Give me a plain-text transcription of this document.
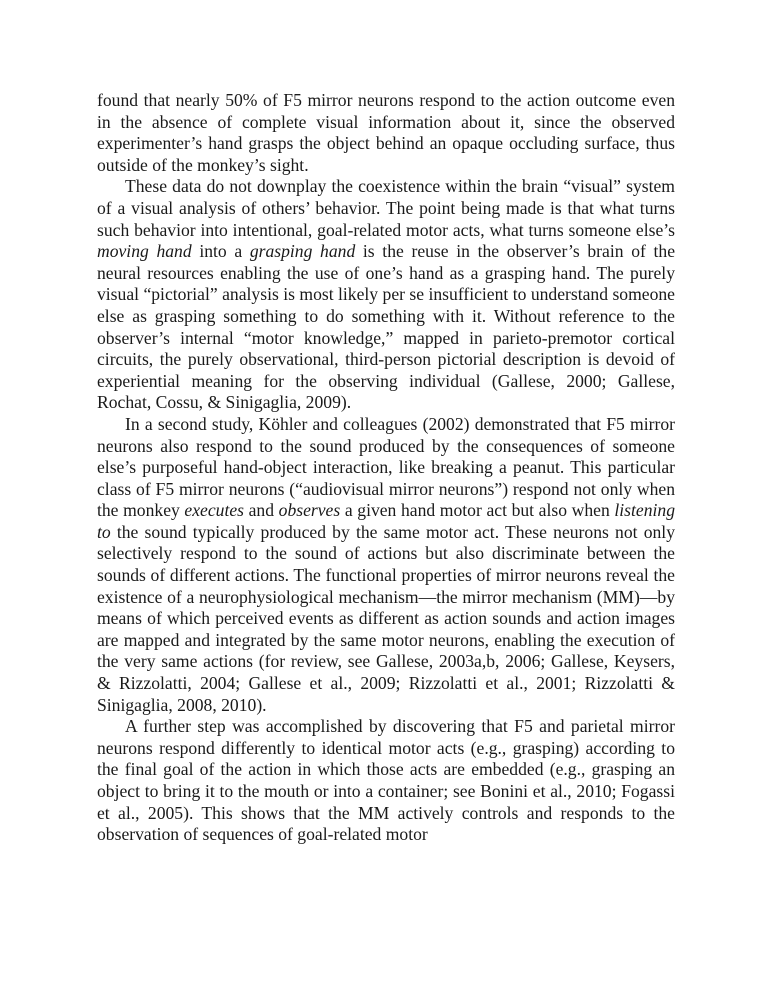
found that nearly 50% of F5 mirror neurons respond to the action outcome even in the absence of complete visual information about it, since the observed experimenter’s hand grasps the object behind an opaque occluding surface, thus outside of the monkey’s sight.

These data do not downplay the coexistence within the brain “visual” system of a visual analysis of others’ behavior. The point being made is that what turns such behavior into intentional, goal-related motor acts, what turns someone else’s moving hand into a grasping hand is the reuse in the observer’s brain of the neural resources enabling the use of one’s hand as a grasping hand. The purely visual “pictorial” analysis is most likely per se insufficient to understand someone else as grasping something to do something with it. Without reference to the observer’s internal “motor knowledge,” mapped in parieto-premotor cortical circuits, the purely observational, third-person pictorial description is devoid of experiential meaning for the observing individual (Gallese, 2000; Gallese, Rochat, Cossu, & Sinigaglia, 2009).

In a second study, Köhler and colleagues (2002) demonstrated that F5 mirror neurons also respond to the sound produced by the consequences of someone else’s purposeful hand-object interaction, like breaking a peanut. This particular class of F5 mirror neurons (“audiovisual mirror neurons”) respond not only when the monkey executes and observes a given hand motor act but also when listening to the sound typically produced by the same motor act. These neurons not only selectively respond to the sound of actions but also discriminate between the sounds of different actions. The functional properties of mirror neurons reveal the existence of a neurophysiological mechanism—the mirror mechanism (MM)—by means of which perceived events as different as action sounds and action images are mapped and integrated by the same motor neurons, enabling the execution of the very same actions (for review, see Gallese, 2003a,b, 2006; Gallese, Keysers, & Rizzolatti, 2004; Gallese et al., 2009; Rizzolatti et al., 2001; Rizzolatti & Sinigaglia, 2008, 2010).

A further step was accomplished by discovering that F5 and parietal mirror neurons respond differently to identical motor acts (e.g., grasping) according to the final goal of the action in which those acts are embedded (e.g., grasping an object to bring it to the mouth or into a container; see Bonini et al., 2010; Fogassi et al., 2005). This shows that the MM actively controls and responds to the observation of sequences of goal-related motor
